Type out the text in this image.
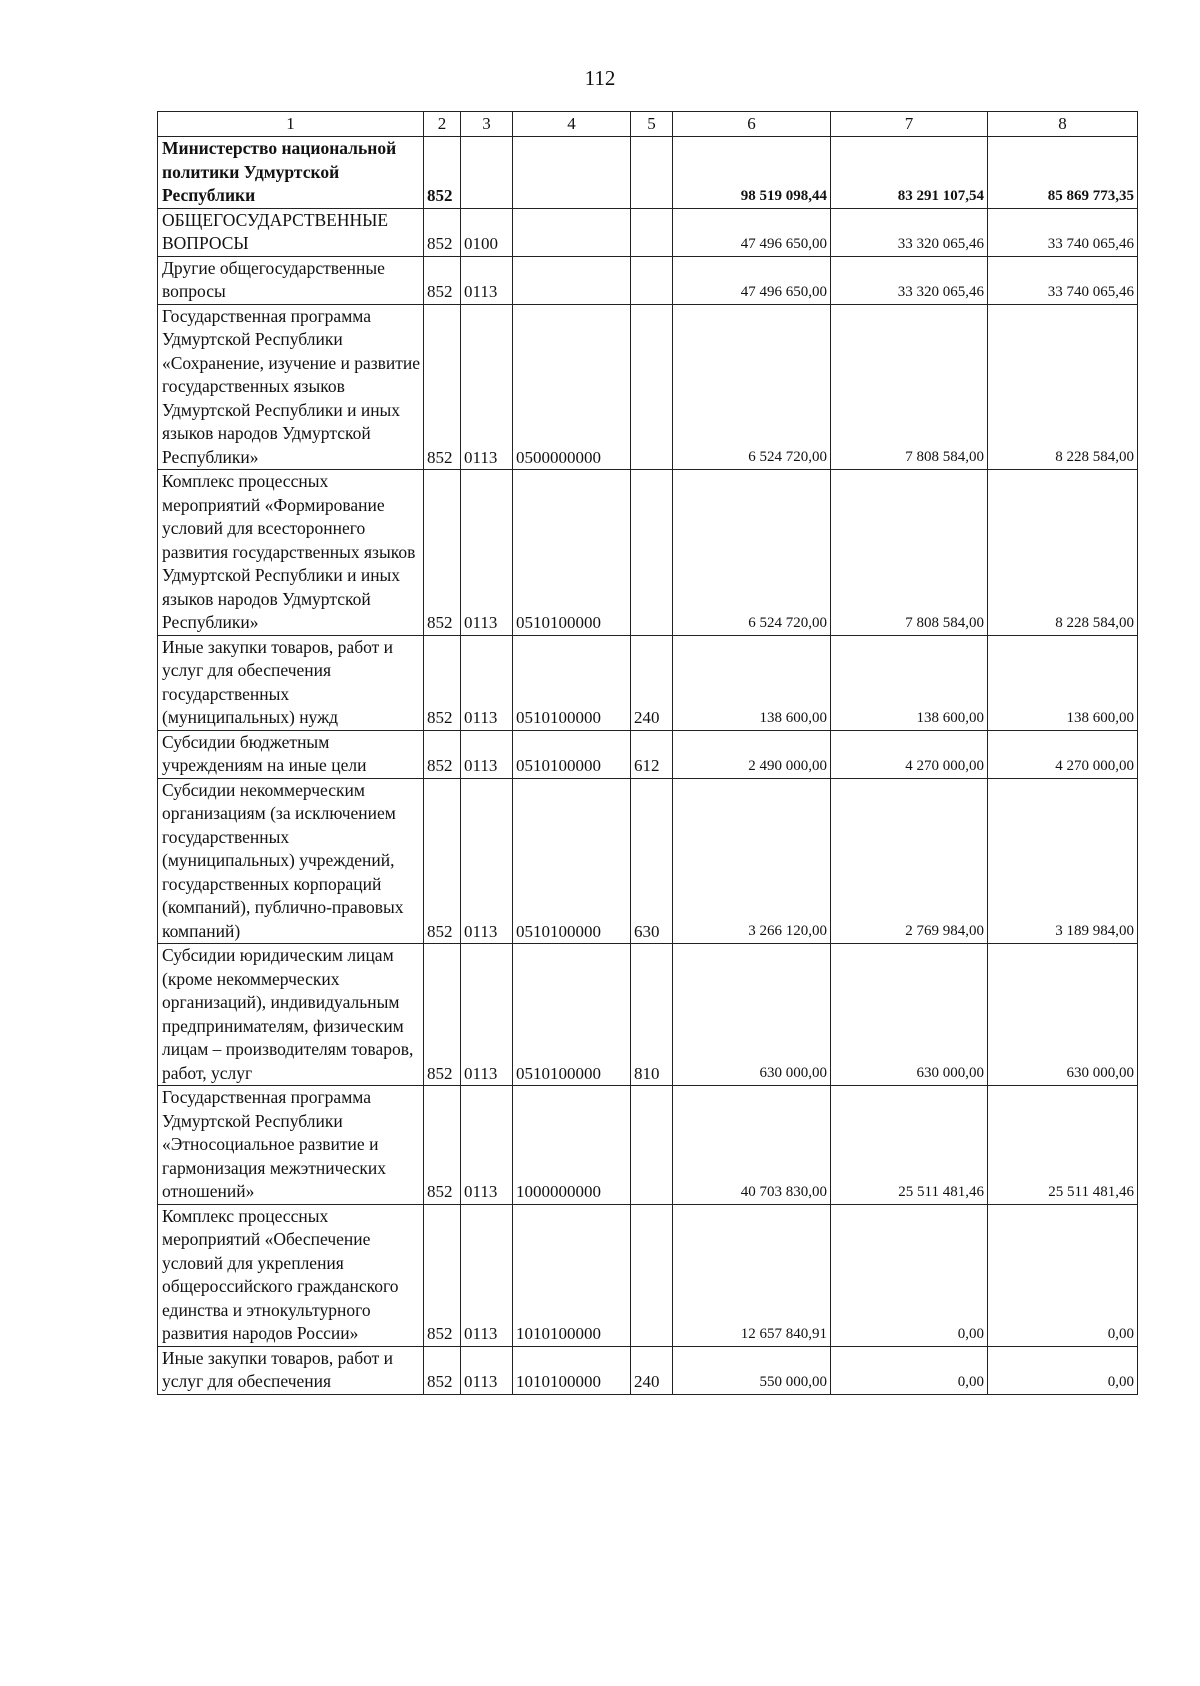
112
1	2	3	4	5	6	7	8
Министерство национальной политики Удмуртской Республики	852				98 519 098,44	83 291 107,54	85 869 773,35
ОБЩЕГОСУДАРСТВЕННЫЕ ВОПРОСЫ	852	0100			47 496 650,00	33 320 065,46	33 740 065,46
Другие общегосударственные вопросы	852	0113			47 496 650,00	33 320 065,46	33 740 065,46
Государственная программа Удмуртской Республики «Сохранение, изучение и развитие государственных языков Удмуртской Республики и иных языков народов Удмуртской Республики»	852	0113	0500000000		6 524 720,00	7 808 584,00	8 228 584,00
Комплекс процессных мероприятий «Формирование условий для всестороннего развития государственных языков Удмуртской Республики и иных языков народов Удмуртской Республики»	852	0113	0510100000		6 524 720,00	7 808 584,00	8 228 584,00
Иные закупки товаров, работ и услуг для обеспечения государственных (муниципальных) нужд	852	0113	0510100000	240	138 600,00	138 600,00	138 600,00
Субсидии бюджетным учреждениям на иные цели	852	0113	0510100000	612	2 490 000,00	4 270 000,00	4 270 000,00
Субсидии некоммерческим организациям (за исключением государственных (муниципальных) учреждений, государственных корпораций (компаний), публично-правовых компаний)	852	0113	0510100000	630	3 266 120,00	2 769 984,00	3 189 984,00
Субсидии юридическим лицам (кроме некоммерческих организаций), индивидуальным предпринимателям, физическим лицам – производителям товаров, работ, услуг	852	0113	0510100000	810	630 000,00	630 000,00	630 000,00
Государственная программа Удмуртской Республики «Этносоциальное развитие и гармонизация межэтнических отношений»	852	0113	1000000000		40 703 830,00	25 511 481,46	25 511 481,46
Комплекс процессных мероприятий «Обеспечение условий для укрепления общероссийского гражданского единства и этнокультурного развития народов России»	852	0113	1010100000		12 657 840,91	0,00	0,00
Иные закупки товаров, работ и услуг для обеспечения	852	0113	1010100000	240	550 000,00	0,00	0,00
